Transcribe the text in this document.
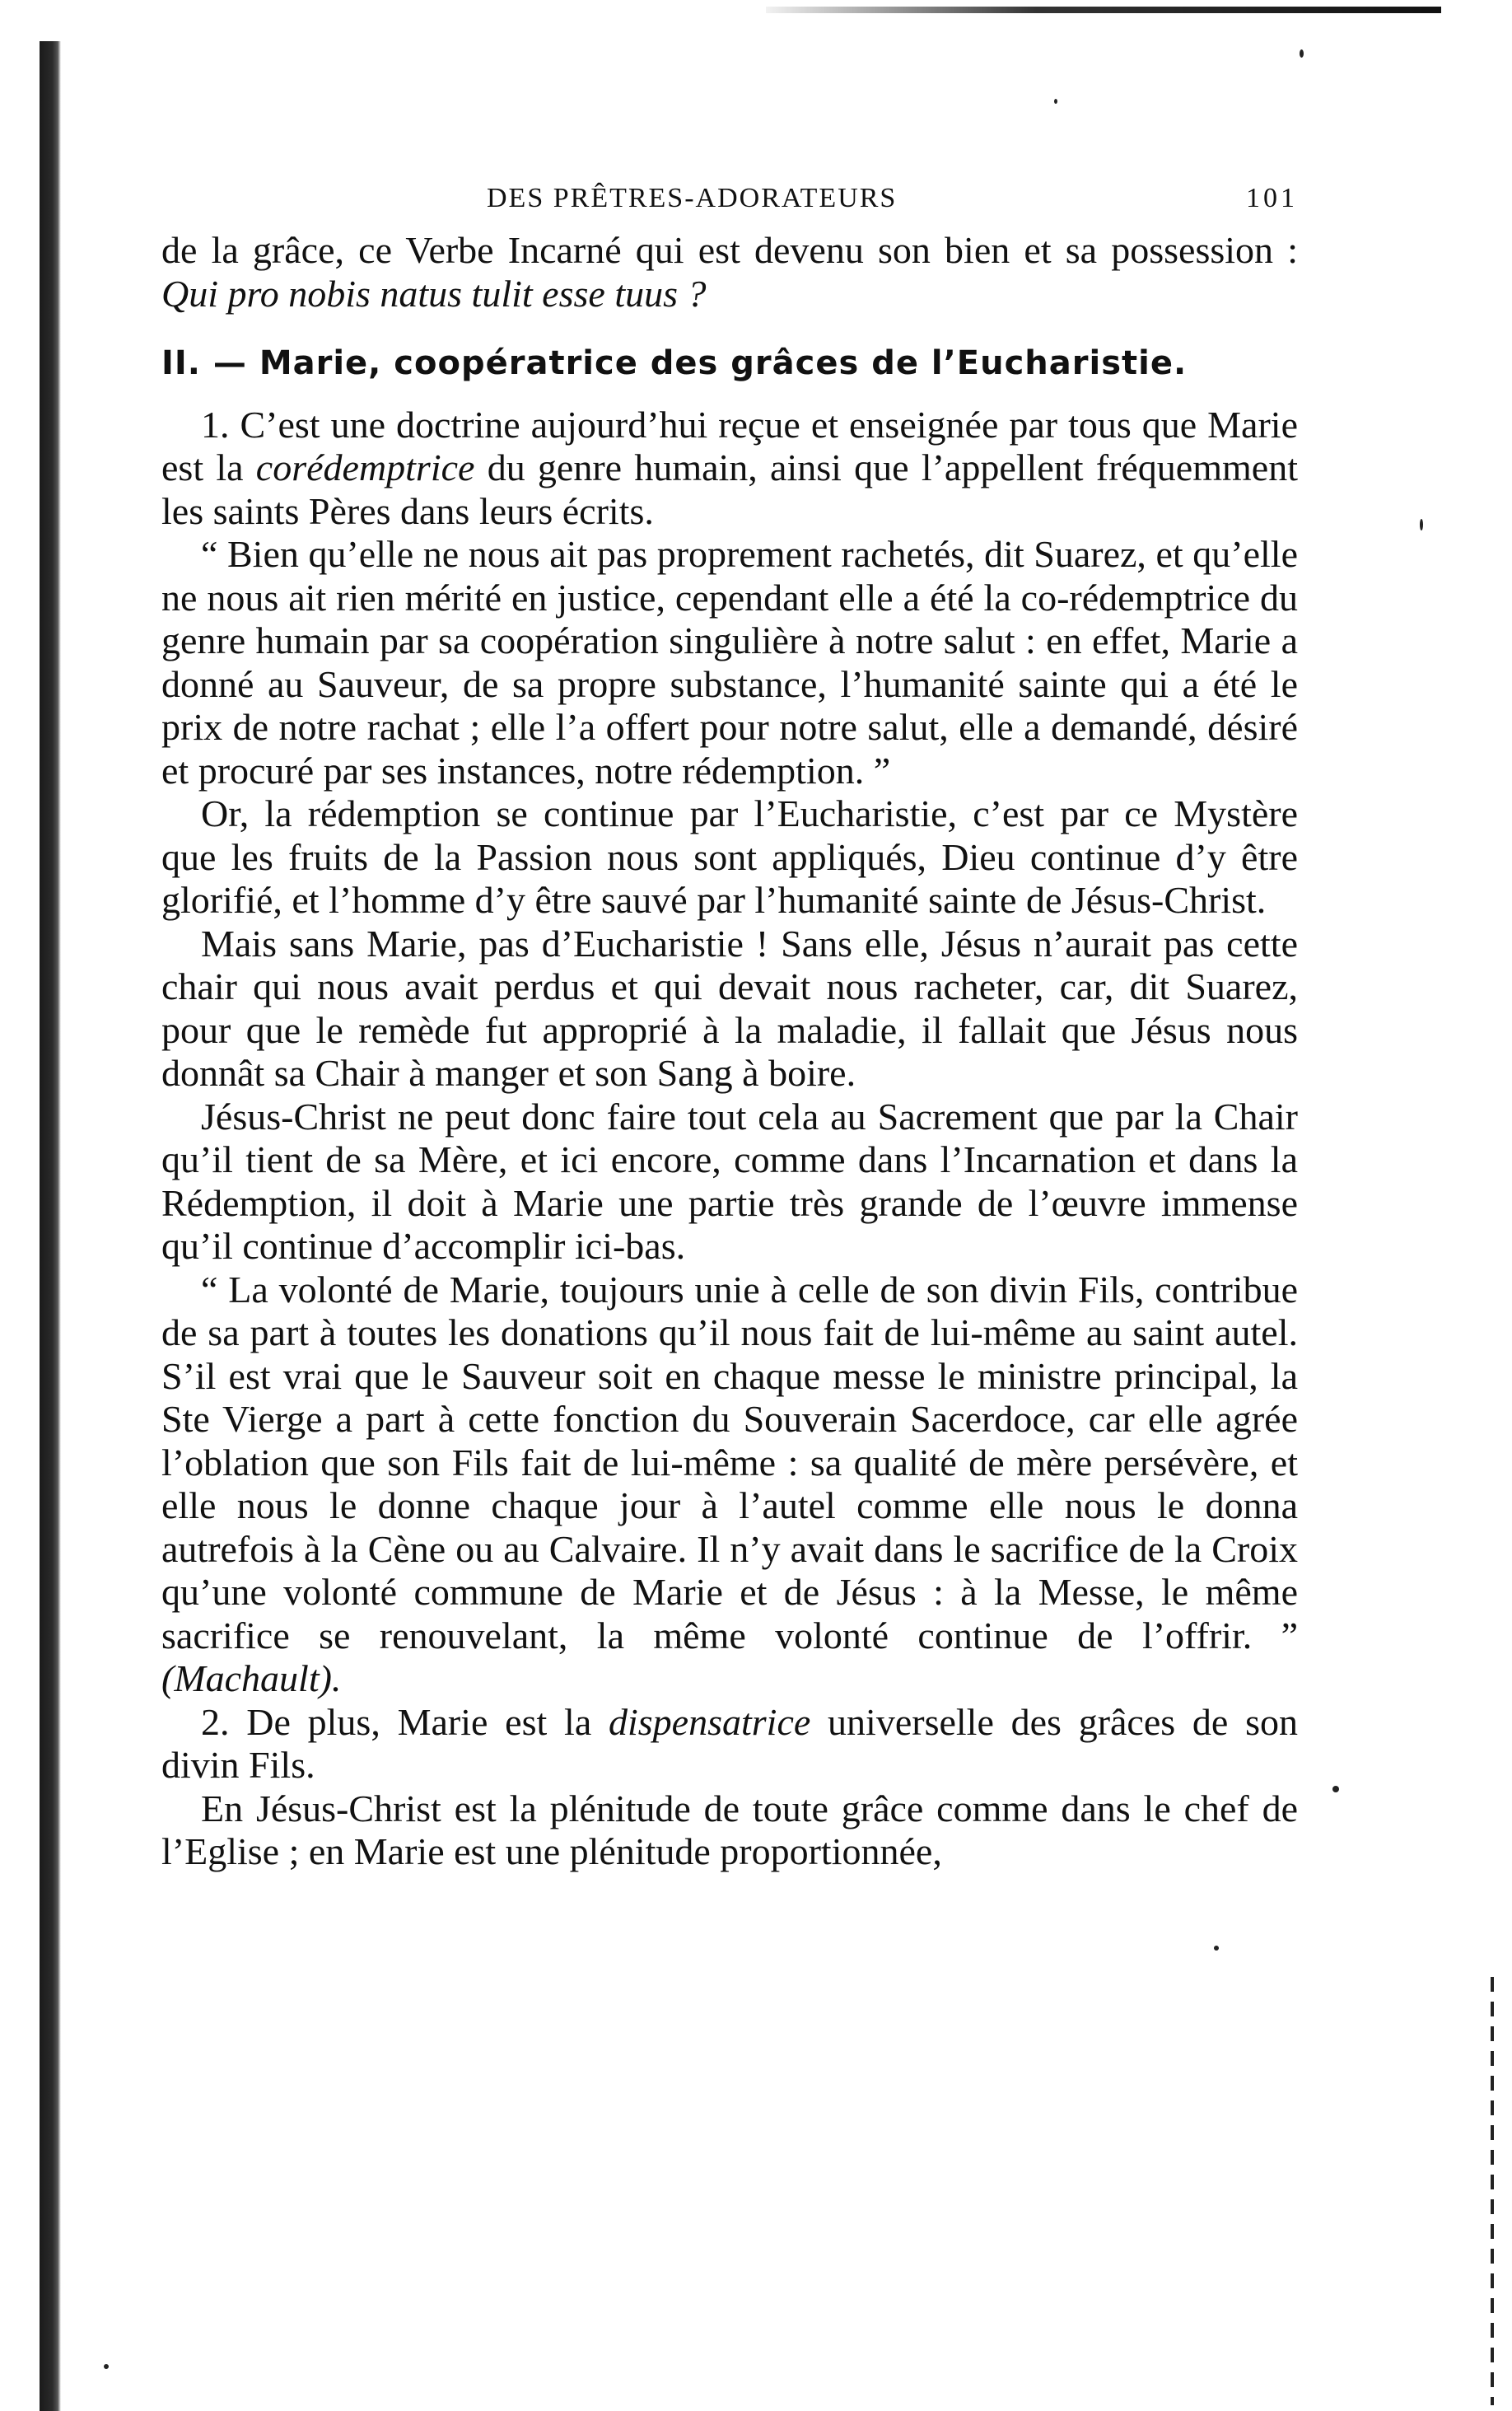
DES PRÊTRES-ADORATEURS	101

de la grâce, ce Verbe Incarné qui est devenu son bien et sa possession : Qui pro nobis natus tulit esse tuus ?

II. — Marie, coopératrice des grâces de l’Eucharistie.

1. C’est une doctrine aujourd’hui reçue et enseignée par tous que Marie est la corédemptrice du genre humain, ainsi que l’appellent fréquemment les saints Pères dans leurs écrits.

“ Bien qu’elle ne nous ait pas proprement rachetés, dit Suarez, et qu’elle ne nous ait rien mérité en justice, cependant elle a été la co-rédemptrice du genre humain par sa coopération singulière à notre salut : en effet, Marie a donné au Sauveur, de sa propre substance, l’humanité sainte qui a été le prix de notre rachat ; elle l’a offert pour notre salut, elle a demandé, désiré et procuré par ses instances, notre rédemption. ”

Or, la rédemption se continue par l’Eucharistie, c’est par ce Mystère que les fruits de la Passion nous sont appliqués, Dieu continue d’y être glorifié, et l’homme d’y être sauvé par l’humanité sainte de Jésus-Christ.

Mais sans Marie, pas d’Eucharistie ! Sans elle, Jésus n’aurait pas cette chair qui nous avait perdus et qui devait nous racheter, car, dit Suarez, pour que le remède fut approprié à la maladie, il fallait que Jésus nous donnât sa Chair à manger et son Sang à boire.

Jésus-Christ ne peut donc faire tout cela au Sacrement que par la Chair qu’il tient de sa Mère, et ici encore, comme dans l’Incarnation et dans la Rédemption, il doit à Marie une partie très grande de l’œuvre immense qu’il continue d’accomplir ici-bas.

“ La volonté de Marie, toujours unie à celle de son divin Fils, contribue de sa part à toutes les donations qu’il nous fait de lui-même au saint autel. S’il est vrai que le Sauveur soit en chaque messe le ministre principal, la Ste Vierge a part à cette fonction du Souverain Sacerdoce, car elle agrée l’oblation que son Fils fait de lui-même : sa qualité de mère persévère, et elle nous le donne chaque jour à l’autel comme elle nous le donna autrefois à la Cène ou au Calvaire. Il n’y avait dans le sacrifice de la Croix qu’une volonté commune de Marie et de Jésus : à la Messe, le même sacrifice se renouvelant, la même volonté continue de l’offrir. ” (Machault).

2. De plus, Marie est la dispensatrice universelle des grâces de son divin Fils.

En Jésus-Christ est la plénitude de toute grâce comme dans le chef de l’Eglise ; en Marie est une plénitude proportionnée,
